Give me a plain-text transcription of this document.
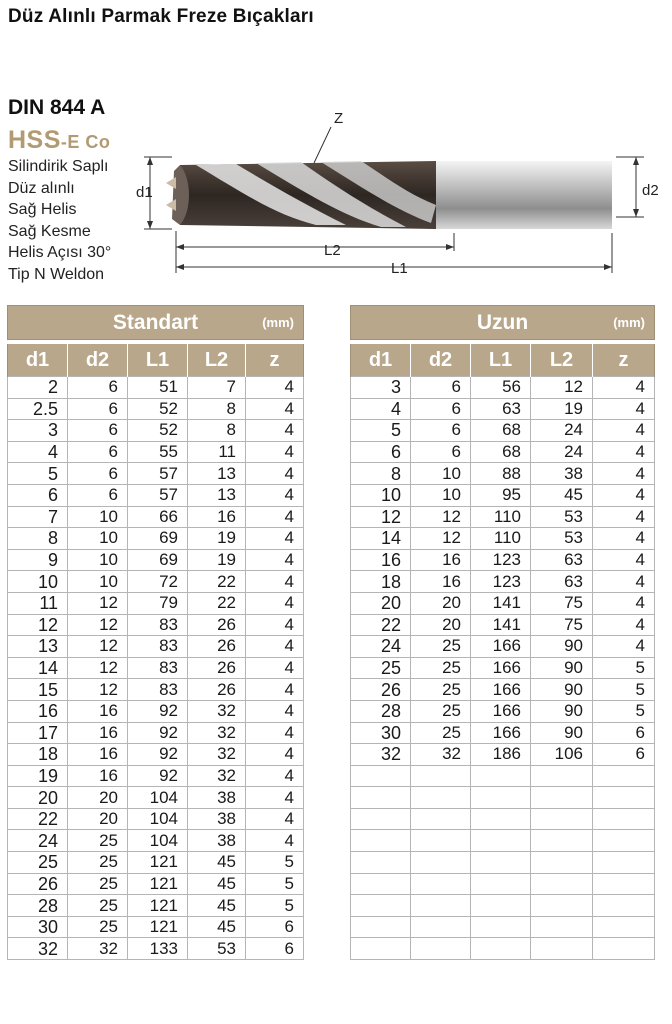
Düz Alınlı Parmak Freze Bıçakları
DIN 844 A
HSS-E Co
Silindirik Saplı
Düz alınlı
Sağ Helis
Sağ Kesme
Helis Açısı 30°
Tip N Weldon
Z
d1	d2
L2
L1
Standart (mm)				

d1	d2	L1	L2	z
2	6	51	7	4
2.5	6	52	8	4
3	6	52	8	4
4	6	55	11	4
5	6	57	13	4
6	6	57	13	4
7	10	66	16	4
8	10	69	19	4
9	10	69	19	4
10	10	72	22	4
11	12	79	22	4
12	12	83	26	4
13	12	83	26	4
14	12	83	26	4
15	12	83	26	4
16	16	92	32	4
17	16	92	32	4
18	16	92	32	4
19	16	92	32	4
20	20	104	38	4
22	20	104	38	4
24	25	104	38	4
25	25	121	45	5
26	25	121	45	5
28	25	121	45	5
30	25	121	45	6
32	32	133	53	6
Uzun (mm)				

d1	d2	L1	L2	z
3	6	56	12	4
4	6	63	19	4
5	6	68	24	4
6	6	68	24	4
8	10	88	38	4
10	10	95	45	4
12	12	110	53	4
14	12	110	53	4
16	16	123	63	4
18	16	123	63	4
20	20	141	75	4
22	20	141	75	4
24	25	166	90	4
25	25	166	90	5
26	25	166	90	5
28	25	166	90	5
30	25	166	90	6
32	32	186	106	6
